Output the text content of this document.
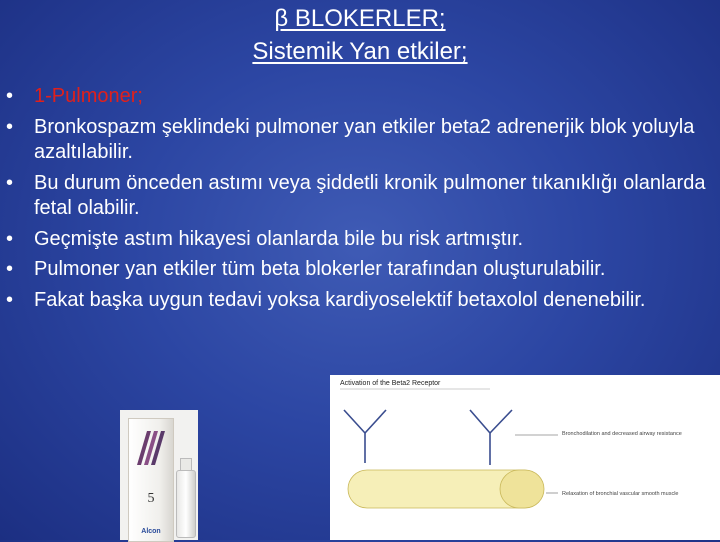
β BLOKERLER;
Sistemik Yan etkiler;
• 1-Pulmoner;
• Bronkospazm şeklindeki pulmoner yan etkiler beta2 adrenerjik blok yoluyla azaltılabilir.
• Bu durum önceden astımı veya şiddetli kronik pulmoner tıkanıklığı olanlarda fetal olabilir.
• Geçmişte astım hikayesi olanlarda bile bu risk artmıştır.
• Pulmoner yan etkiler tüm beta blokerler tarafından oluşturulabilir.
• Fakat başka uygun tedavi yoksa kardiyoselektif betaxolol denenebilir.
5
Alcon
Activation of the Beta2 Receptor
Bronchodilation and decreased airway resistance
Relaxation of bronchial vascular smooth muscle
